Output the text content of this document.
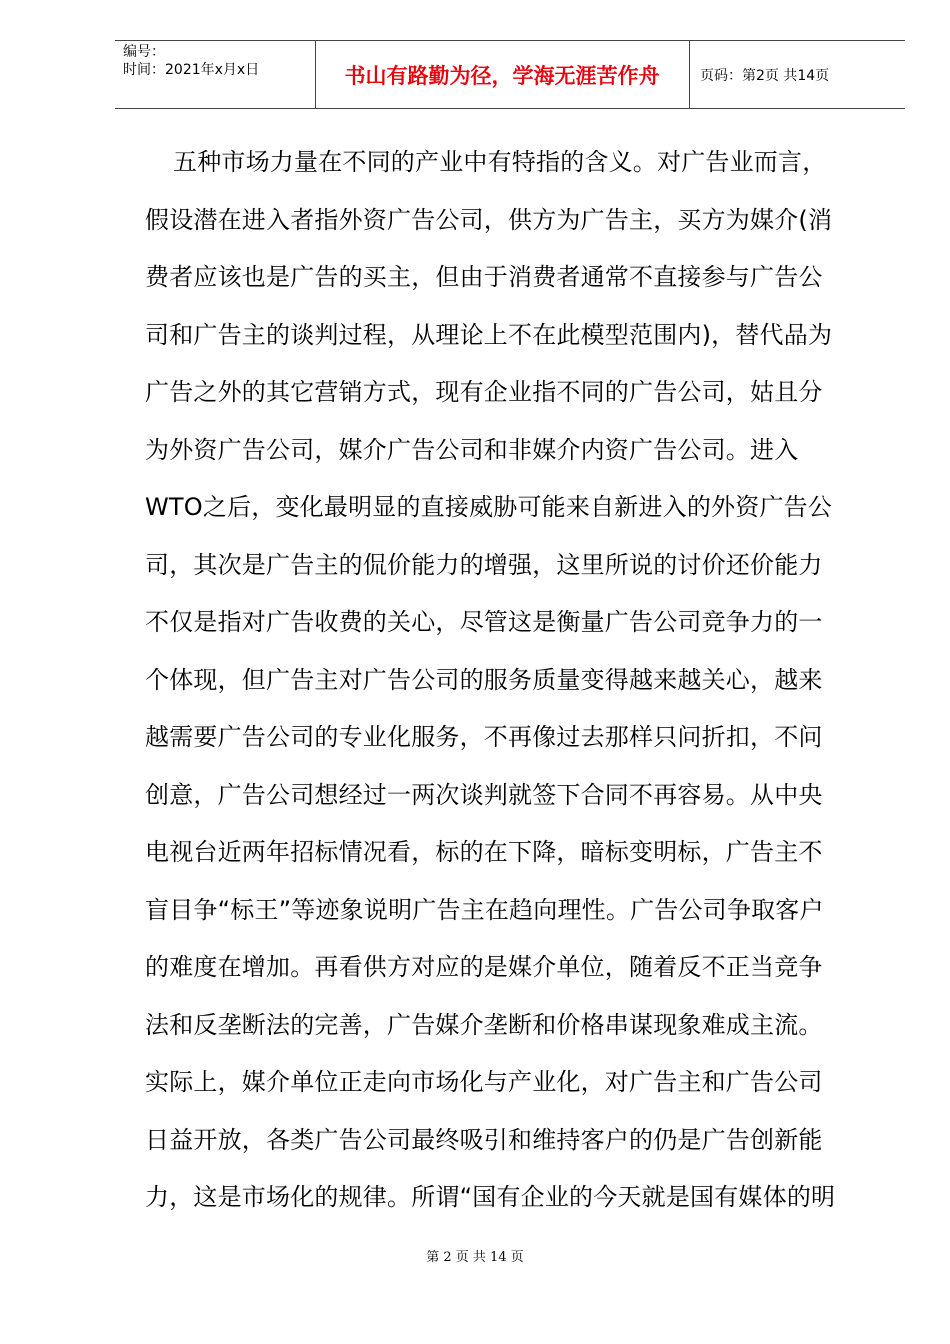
编号：
时间：2021年x月x日	书山有路勤为径，学海无涯苦作舟	页码：第2页 共14页
五种市场力量在不同的产业中有特指的含义。对广告业而言，
假设潜在进入者指外资广告公司，供方为广告主，买方为媒介(消
费者应该也是广告的买主，但由于消费者通常不直接参与广告公
司和广告主的谈判过程，从理论上不在此模型范围内)，替代品为
广告之外的其它营销方式，现有企业指不同的广告公司，姑且分
为外资广告公司，媒介广告公司和非媒介内资广告公司。进入
WTO之后，变化最明显的直接威胁可能来自新进入的外资广告公
司，其次是广告主的侃价能力的增强，这里所说的讨价还价能力
不仅是指对广告收费的关心，尽管这是衡量广告公司竞争力的一
个体现，但广告主对广告公司的服务质量变得越来越关心，越来
越需要广告公司的专业化服务，不再像过去那样只问折扣，不问
创意，广告公司想经过一两次谈判就签下合同不再容易。从中央
电视台近两年招标情况看，标的在下降，暗标变明标，广告主不
盲目争“标王”等迹象说明广告主在趋向理性。广告公司争取客户
的难度在增加。再看供方对应的是媒介单位，随着反不正当竞争
法和反垄断法的完善，广告媒介垄断和价格串谋现象难成主流。
实际上，媒介单位正走向市场化与产业化，对广告主和广告公司
日益开放，各类广告公司最终吸引和维持客户的仍是广告创新能
力，这是市场化的规律。所谓“国有企业的今天就是国有媒体的明
第 2 页 共 14 页
